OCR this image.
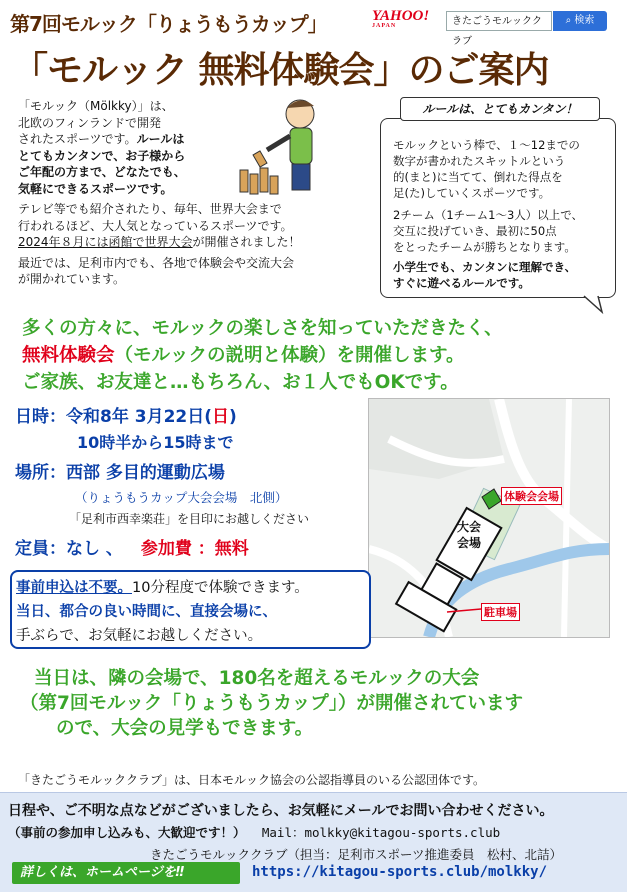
第7回モルック「りょうもうカップ」	YAHOO!
JAPAN	きたごうモルッククラブ
⌕ 検索
「モルック 無料体験会」のご案内
「モルック（Mölkky）」は、
北欧のフィンランドで開発
されたスポーツです。ルールは
とてもカンタンで、お子様から
ご年配の方まで、どなたでも、
気軽にできるスポーツです。
テレビ等でも紹介されたり、毎年、世界大会まで
行われるほど、大人気となっているスポーツです。
2024年８月には函館で世界大会が開催されました！
最近では、足利市内でも、各地で体験会や交流大会
が開かれています。
ルールは、とてもカンタン！
モルックという棒で、１～12までの
数字が書かれたスキットルという
的(まと)に当てて、倒れた得点を
足(た)していくスポーツです。
2チーム（1チーム1～3人）以上で、
交互に投げていき、最初に50点
をとったチームが勝ちとなります。
小学生でも、カンタンに理解でき、
すぐに遊べるルールです。
多くの方々に、モルックの楽しさを知っていただきたく、
無料体験会（モルックの説明と体験）を開催します。
ご家族、お友達と…もちろん、お１人でもOKです。
日時：令和8年 3月22日(日)
10時半から15時まで
場所：西部 多目的運動広場
（りょうもうカップ大会会場　北側）
「足利市西幸楽荘」を目印にお越しください
定員：なし 、 参加費 ：無料
体験会会場
大会
会場
駐車場
事前申込は不要。10分程度で体験できます。
当日、都合の良い時間に、直接会場に、
手ぶらで、お気軽にお越しください。
当日は、隣の会場で、180名を超えるモルックの大会
（第7回モルック「りょうもうカップ」）が開催されています
ので、大会の見学もできます。
「きたごうモルッククラブ」は、日本モルック協会の公認指導員のいる公認団体です。
日程や、ご不明な点などがございましたら、お気軽にメールでお問い合わせください。
（事前の参加申し込みも、大歓迎です！） Mail：molkky@kitagou-sports.club
きたごうモルッククラブ（担当：足利市スポーツ推進委員　松村、北詰）
詳しくは、ホームページを‼	https://kitagou-sports.club/molkky/
